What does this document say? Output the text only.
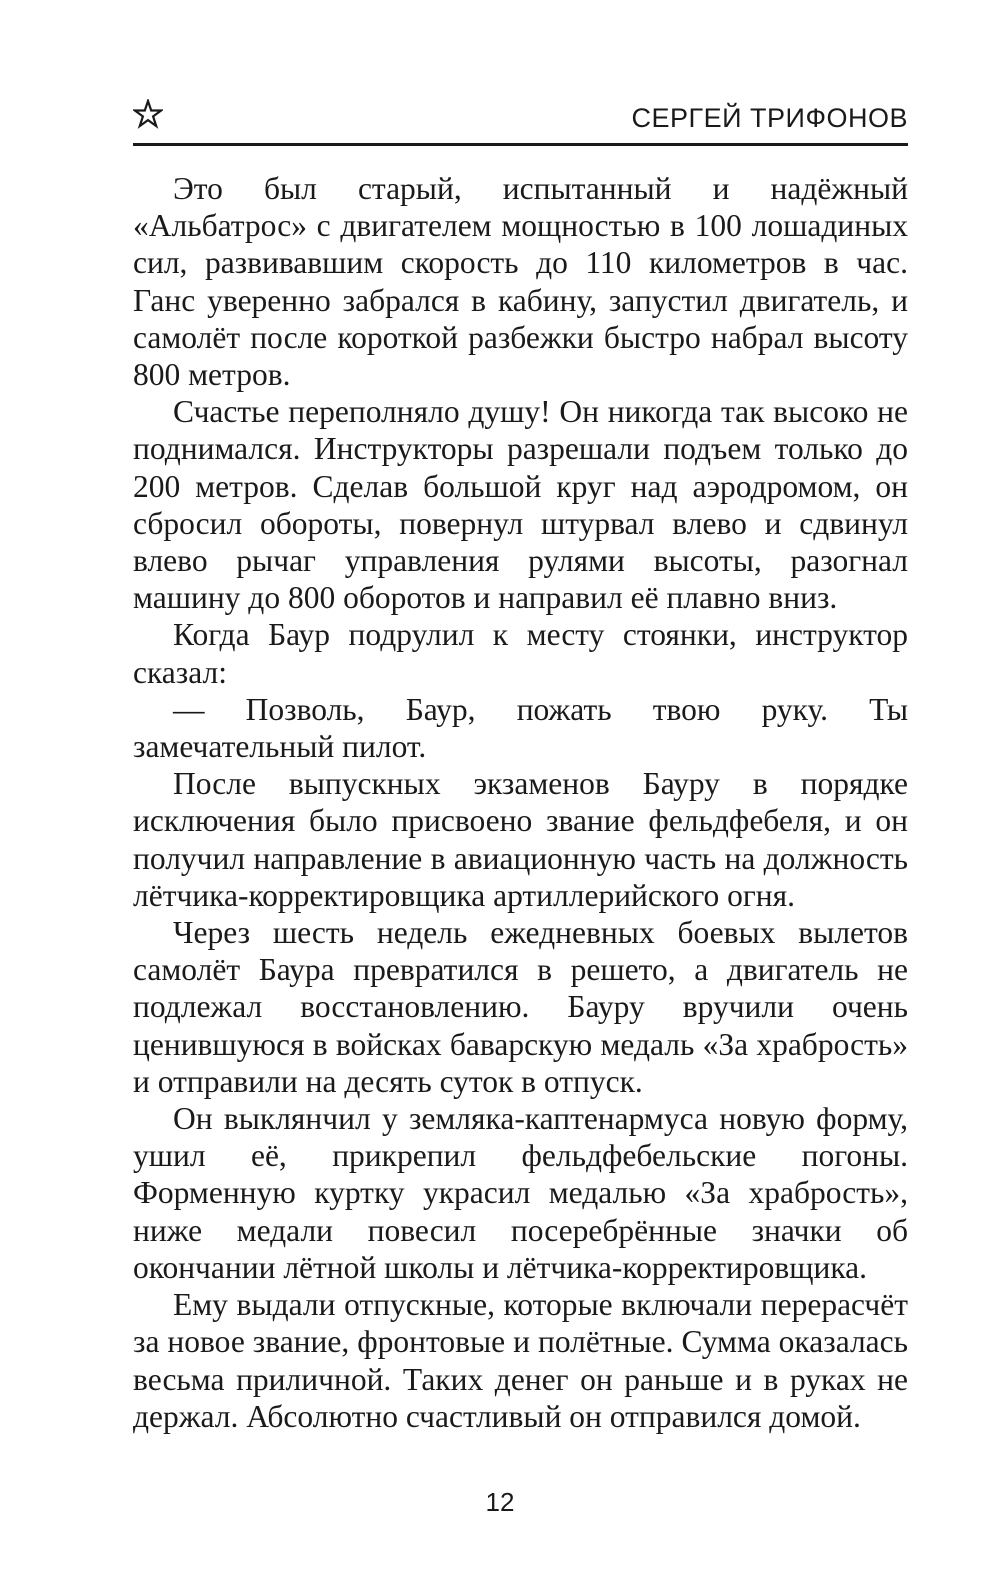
СЕРГЕЙ ТРИФОНОВ

Это был старый, испытанный и надёжный «Альбатрос» с двигателем мощностью в 100 лошадиных сил, развивавшим скорость до 110 километров в час. Ганс уверенно забрался в кабину, запустил двигатель, и самолёт после короткой разбежки быстро набрал высоту 800 метров.

Счастье переполняло душу! Он никогда так высоко не поднимался. Инструкторы разрешали подъем только до 200 метров. Сделав большой круг над аэродромом, он сбросил обороты, повернул штурвал влево и сдвинул влево рычаг управления рулями высоты, разогнал машину до 800 оборотов и направил её плавно вниз.

Когда Баур подрулил к месту стоянки, инструктор сказал:

— Позволь, Баур, пожать твою руку. Ты замечательный пилот.

После выпускных экзаменов Бауру в порядке исключения было присвоено звание фельдфебеля, и он получил направление в авиационную часть на должность лётчика-корректировщика артиллерийского огня.

Через шесть недель ежедневных боевых вылетов самолёт Баура превратился в решето, а двигатель не подлежал восстановлению. Бауру вручили очень ценившуюся в войсках баварскую медаль «За храбрость» и отправили на десять суток в отпуск.

Он выклянчил у земляка-каптенармуса новую форму, ушил её, прикрепил фельдфебельские погоны. Форменную куртку украсил медалью «За храбрость», ниже медали повесил посеребрённые значки об окончании лётной школы и лётчика-корректировщика.

Ему выдали отпускные, которые включали перерасчёт за новое звание, фронтовые и полётные. Сумма оказалась весьма приличной. Таких денег он раньше и в руках не держал. Абсолютно счастливый он отправился домой.

12
